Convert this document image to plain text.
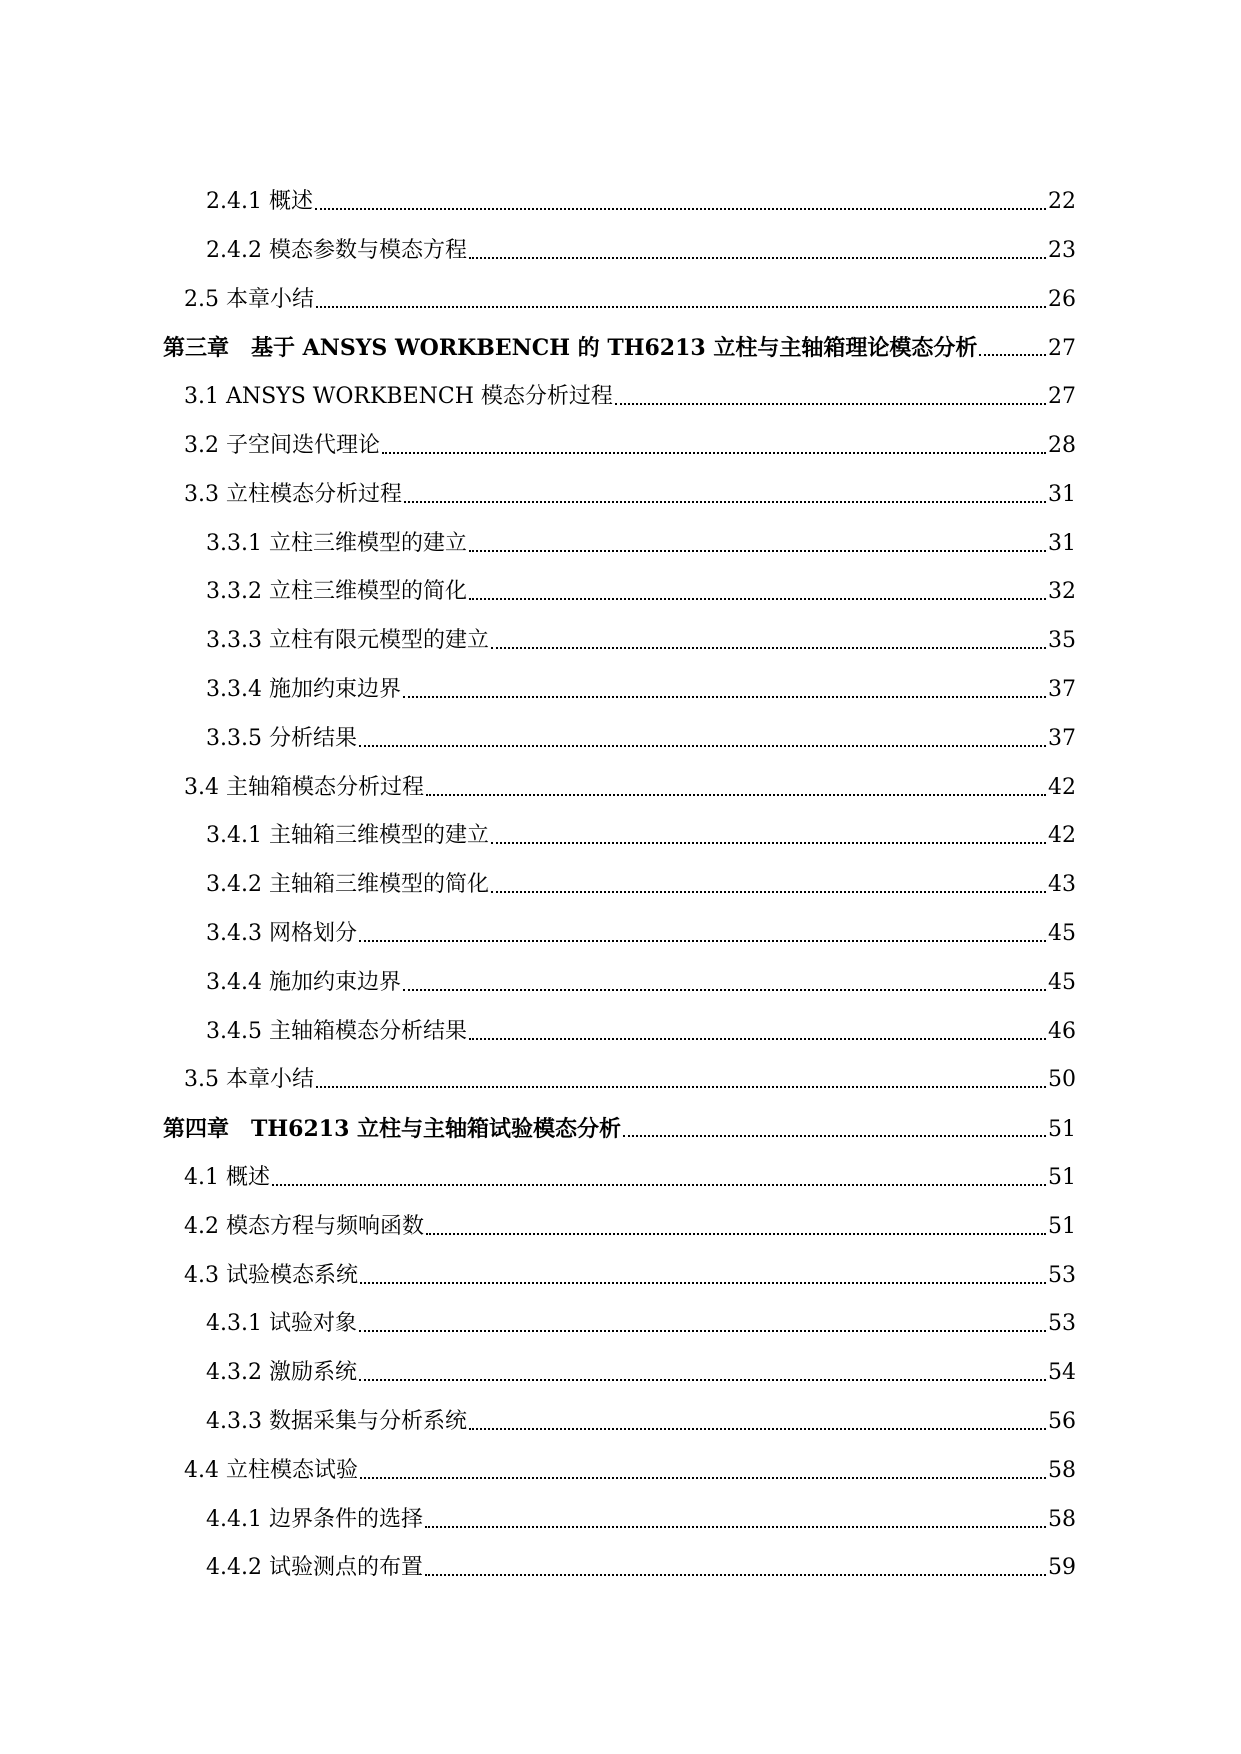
2.4.1 概述	22
2.4.2 模态参数与模态方程	23
2.5 本章小结	26
第三章　基于 ANSYS WORKBENCH 的 TH6213 立柱与主轴箱理论模态分析	27
3.1 ANSYS WORKBENCH 模态分析过程	27
3.2 子空间迭代理论	28
3.3 立柱模态分析过程	31
3.3.1 立柱三维模型的建立	31
3.3.2 立柱三维模型的简化	32
3.3.3 立柱有限元模型的建立	35
3.3.4 施加约束边界	37
3.3.5 分析结果	37
3.4 主轴箱模态分析过程	42
3.4.1 主轴箱三维模型的建立	42
3.4.2 主轴箱三维模型的简化	43
3.4.3 网格划分	45
3.4.4 施加约束边界	45
3.4.5 主轴箱模态分析结果	46
3.5 本章小结	50
第四章　TH6213 立柱与主轴箱试验模态分析	51
4.1 概述	51
4.2 模态方程与频响函数	51
4.3 试验模态系统	53
4.3.1 试验对象	53
4.3.2 激励系统	54
4.3.3 数据采集与分析系统	56
4.4 立柱模态试验	58
4.4.1 边界条件的选择	58
4.4.2 试验测点的布置	59
